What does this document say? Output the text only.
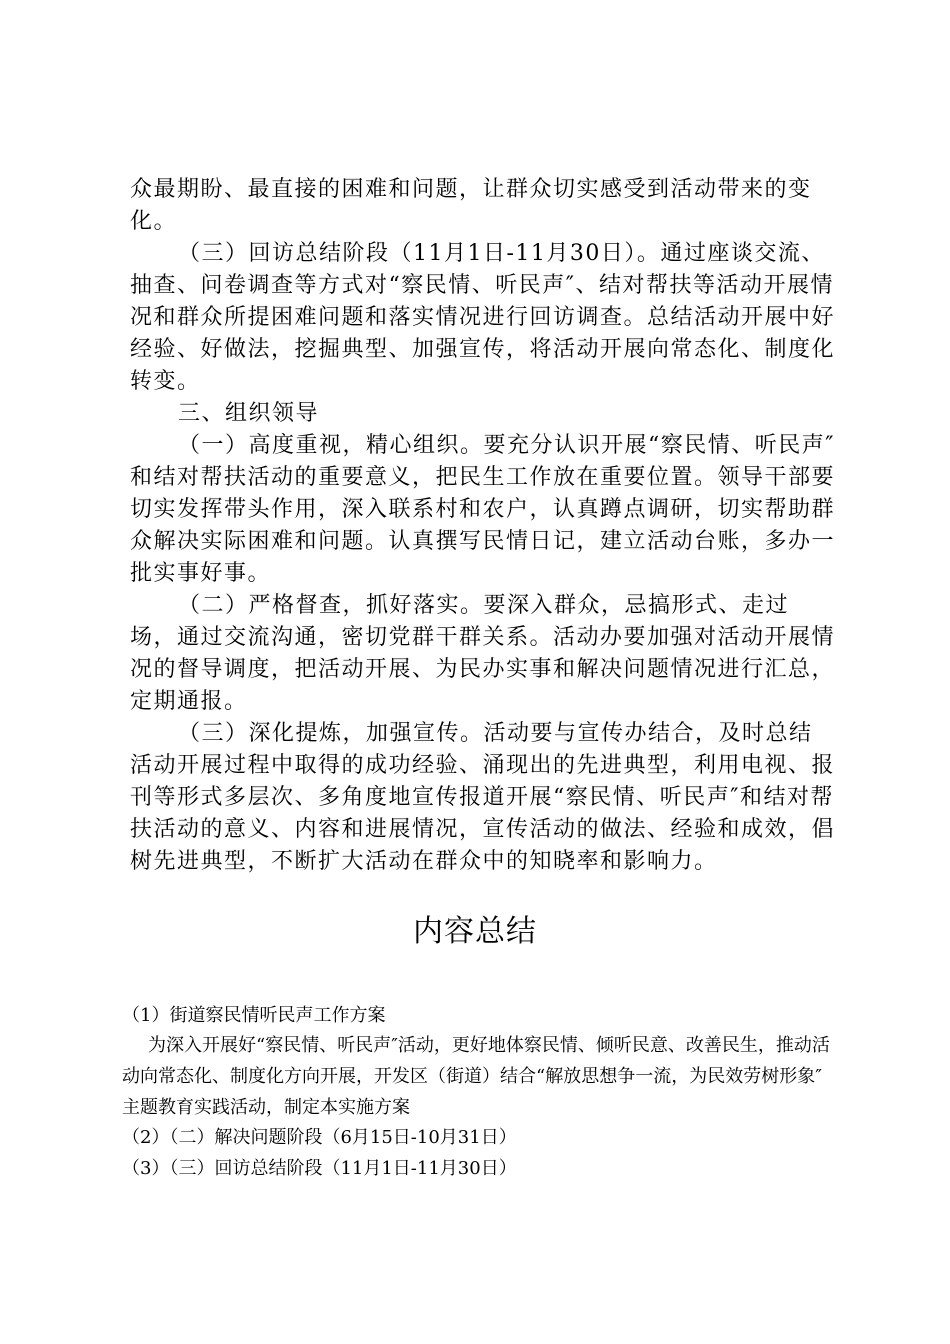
众最期盼、最直接的困难和问题，让群众切实感受到活动带来的变化。

（三）回访总结阶段（11月1日-11月30日）。通过座谈交流、　 抽查、问卷调查等方式对“察民情、听民声″、结对帮扶等活动开展情况和群众所提困难问题和落实情况进行回访调查。总结活动开展中好经验、好做法，挖掘典型、加强宣传，将活动开展向常态化、制度化转变。

三、组织领导

（一）高度重视，精心组织。要充分认识开展“察民情、听民声″和结对帮扶活动的重要意义，把民生工作放在重要位置。领导干部要切实发挥带头作用，深入联系村和农户，认真蹲点调研，切实帮助群众解决实际困难和问题。认真撰写民情日记，建立活动台账，多办一批实事好事。

（二）严格督查，抓好落实。要深入群众，忌搞形式、走过场，通过交流沟通，密切党群干群关系。活动办要加强对活动开展情况的督导调度，把活动开展、为民办实事和解决问题情况进行汇总，定期通报。

（三）深化提炼，加强宣传。活动要与宣传办结合，及时总结活动开展过程中取得的成功经验、涌现出的先进典型，利用电视、报刊等形式多层次、多角度地宣传报道开展“察民情、听民声″和结对帮扶活动的意义、内容和进展情况，宣传活动的做法、经验和成效，倡树先进典型，不断扩大活动在群众中的知晓率和影响力。

内容总结

（1）街道察民情听民声工作方案

为深入开展好“察民情、听民声″活动，更好地体察民情、倾听民意、改善民生，推动活动向常态化、制度化方向开展，开发区（街道）结合“解放思想争一流，为民效劳树形象″主题教育实践活动，制定本实施方案

（2）（二）解决问题阶段（6月15日-10月31日）

（3）（三）回访总结阶段（11月1日-11月30日）
